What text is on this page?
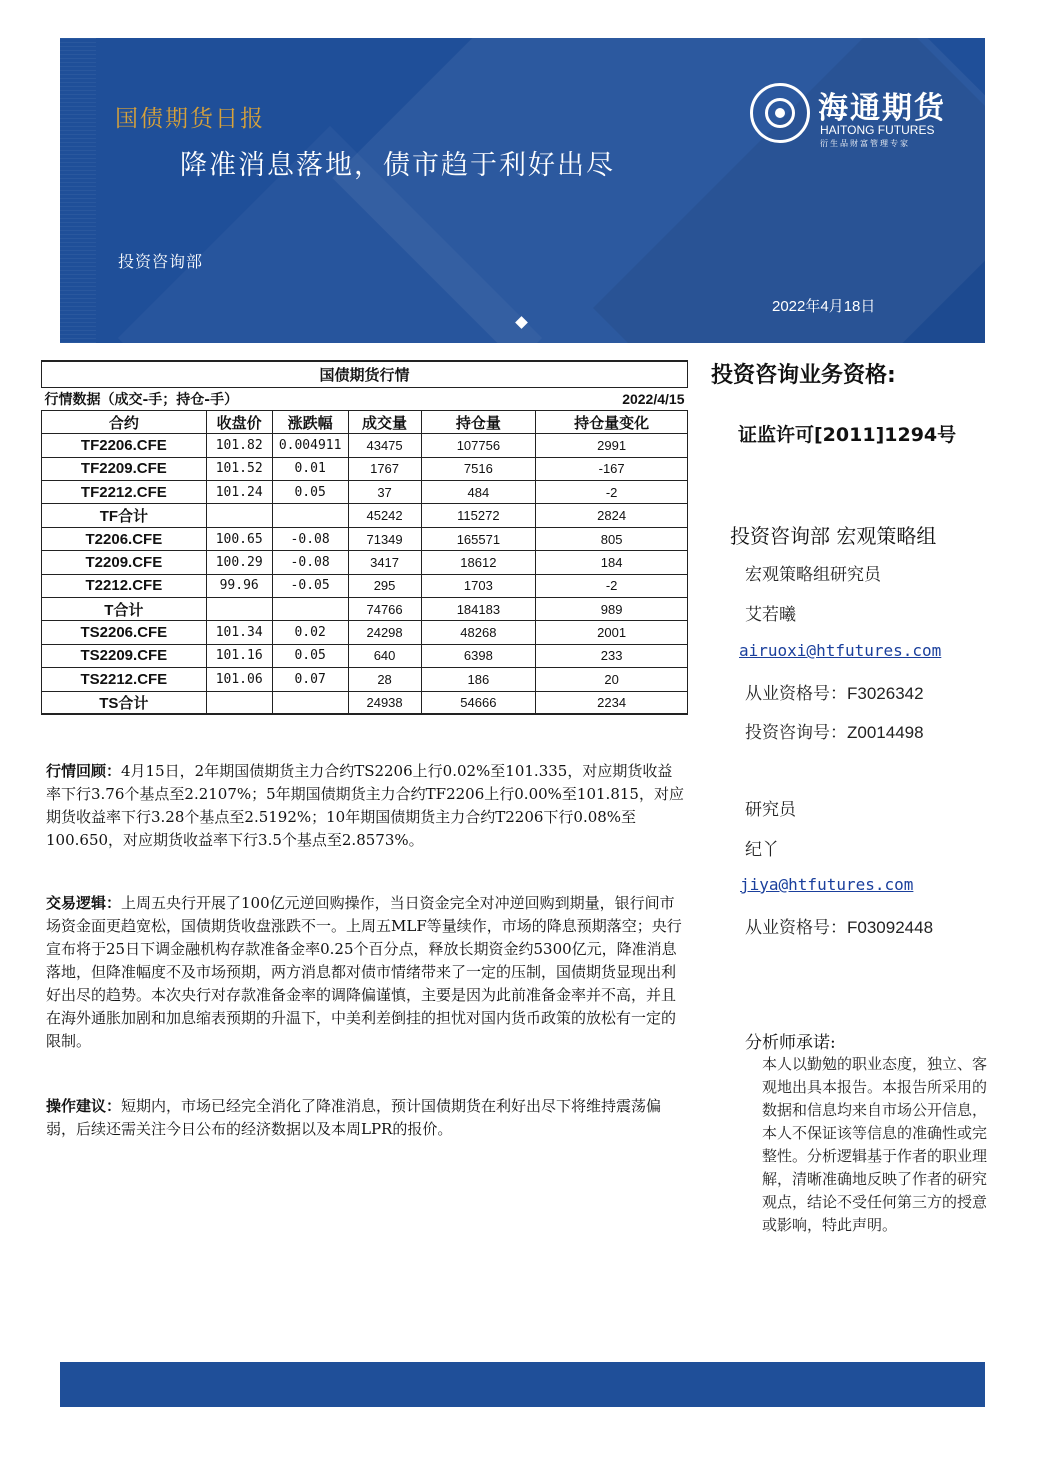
国债期货日报
降准消息落地，债市趋于利好出尽
投资咨询部
2022年4月18日
海通期货
HAITONG FUTURES
衍生品财富管理专家
国债期货行情					
行情数据（成交-手；持仓-手）				2022/4/15	
合约	收盘价	涨跌幅	成交量	持仓量	持仓量变化
TF2206.CFE	101.82	0.004911	43475	107756	2991
TF2209.CFE	101.52	0.01	1767	7516	-167
TF2212.CFE	101.24	0.05	37	484	-2
TF合计			45242	115272	2824
T2206.CFE	100.65	-0.08	71349	165571	805
T2209.CFE	100.29	-0.08	3417	18612	184
T2212.CFE	99.96	-0.05	295	1703	-2
T合计			74766	184183	989
TS2206.CFE	101.34	0.02	24298	48268	2001
TS2209.CFE	101.16	0.05	640	6398	233
TS2212.CFE	101.06	0.07	28	186	20
TS合计			24938	54666	2234
行情回顾：4月15日，2年期国债期货主力合约TS2206上行0.02%至101.335，对应期货收益率下行3.76个基点至2.2107%；5年期国债期货主力合约TF2206上行0.00%至101.815，对应期货收益率下行3.28个基点至2.5192%；10年期国债期货主力合约T2206下行0.08%至100.650，对应期货收益率下行3.5个基点至2.8573%。
交易逻辑：上周五央行开展了100亿元逆回购操作，当日资金完全对冲逆回购到期量，银行间市场资金面更趋宽松，国债期货收盘涨跌不一。上周五MLF等量续作，市场的降息预期落空；央行宣布将于25日下调金融机构存款准备金率0.25个百分点，释放长期资金约5300亿元，降准消息落地，但降准幅度不及市场预期，两方消息都对债市情绪带来了一定的压制，国债期货显现出利好出尽的趋势。本次央行对存款准备金率的调降偏谨慎，主要是因为此前准备金率并不高，并且在海外通胀加剧和加息缩表预期的升温下，中美利差倒挂的担忧对国内货币政策的放松有一定的限制。
操作建议：短期内，市场已经完全消化了降准消息，预计国债期货在利好出尽下将维持震荡偏弱，后续还需关注今日公布的经济数据以及本周LPR的报价。
投资咨询业务资格:
证监许可[2011]1294号
投资咨询部 宏观策略组
宏观策略组研究员
艾若曦
airuoxi@htfutures.com
从业资格号：F3026342
投资咨询号：Z0014498
研究员
纪丫
jiya@htfutures.com
从业资格号：F03092448
分析师承诺:
本人以勤勉的职业态度，独立、客观地出具本报告。本报告所采用的数据和信息均来自市场公开信息，本人不保证该等信息的准确性或完整性。分析逻辑基于作者的职业理解，清晰准确地反映了作者的研究观点，结论不受任何第三方的授意或影响，特此声明。
